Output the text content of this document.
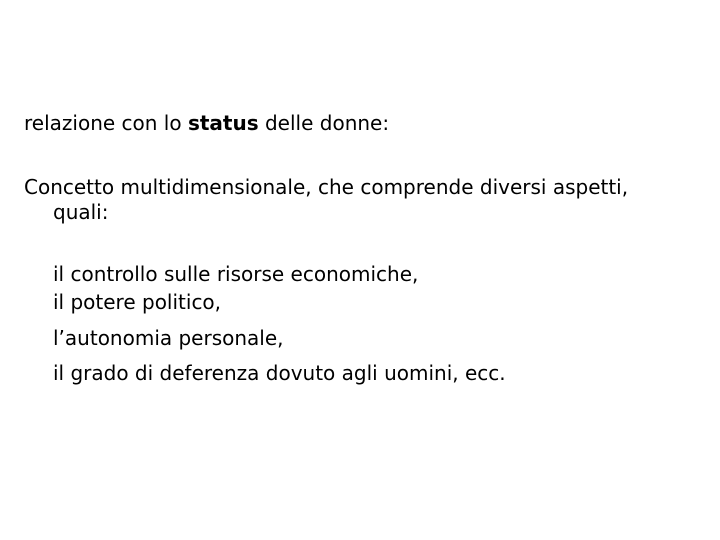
relazione con lo status delle donne:
Concetto multidimensionale, che comprende diversi aspetti,
quali:
il controllo sulle risorse economiche,
il potere politico,
l’autonomia personale,
il grado di deferenza dovuto agli uomini, ecc.
